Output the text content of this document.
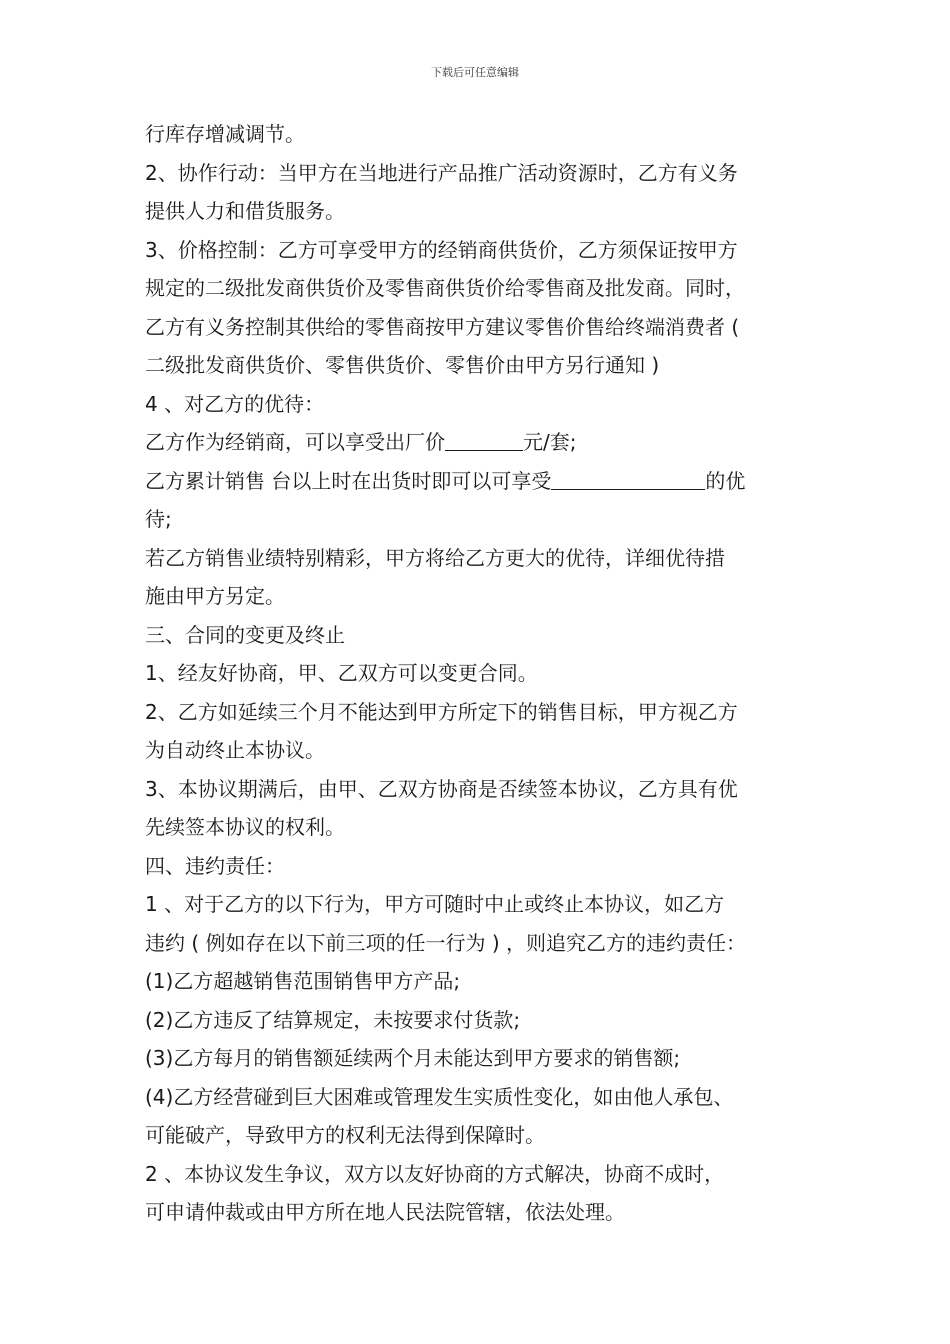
下载后可任意编辑
行库存增减调节。
2、协作行动：当甲方在当地进行产品推广活动资源时，乙方有义务
提供人力和借货服务。
3、价格控制：乙方可享受甲方的经销商供货价，乙方须保证按甲方
规定的二级批发商供货价及零售商供货价给零售商及批发商。同时，
乙方有义务控制其供给的零售商按甲方建议零售价售给终端消费者 (
二级批发商供货价、零售供货价、零售价由甲方另行通知 )
4 、对乙方的优待：
乙方作为经销商，可以享受出厂价	元/套;
乙方累计销售 台以上时在出货时即可以可享受	的优
待;
若乙方销售业绩特别精彩，甲方将给乙方更大的优待，详细优待措
施由甲方另定。
三、合同的变更及终止
1、经友好协商，甲、乙双方可以变更合同。
2、乙方如延续三个月不能达到甲方所定下的销售目标，甲方视乙方
为自动终止本协议。
3、本协议期满后，由甲、乙双方协商是否续签本协议，乙方具有优
先续签本协议的权利。
四、违约责任：
1 、对于乙方的以下行为，甲方可随时中止或终止本协议，如乙方
违约 ( 例如存在以下前三项的任一行为 ) ，则追究乙方的违约责任：
(1)乙方超越销售范围销售甲方产品;
(2)乙方违反了结算规定，未按要求付货款;
(3)乙方每月的销售额延续两个月未能达到甲方要求的销售额;
(4)乙方经营碰到巨大困难或管理发生实质性变化，如由他人承包、
可能破产，导致甲方的权利无法得到保障时。
2 、本协议发生争议，双方以友好协商的方式解决，协商不成时，
可申请仲裁或由甲方所在地人民法院管辖，依法处理。
